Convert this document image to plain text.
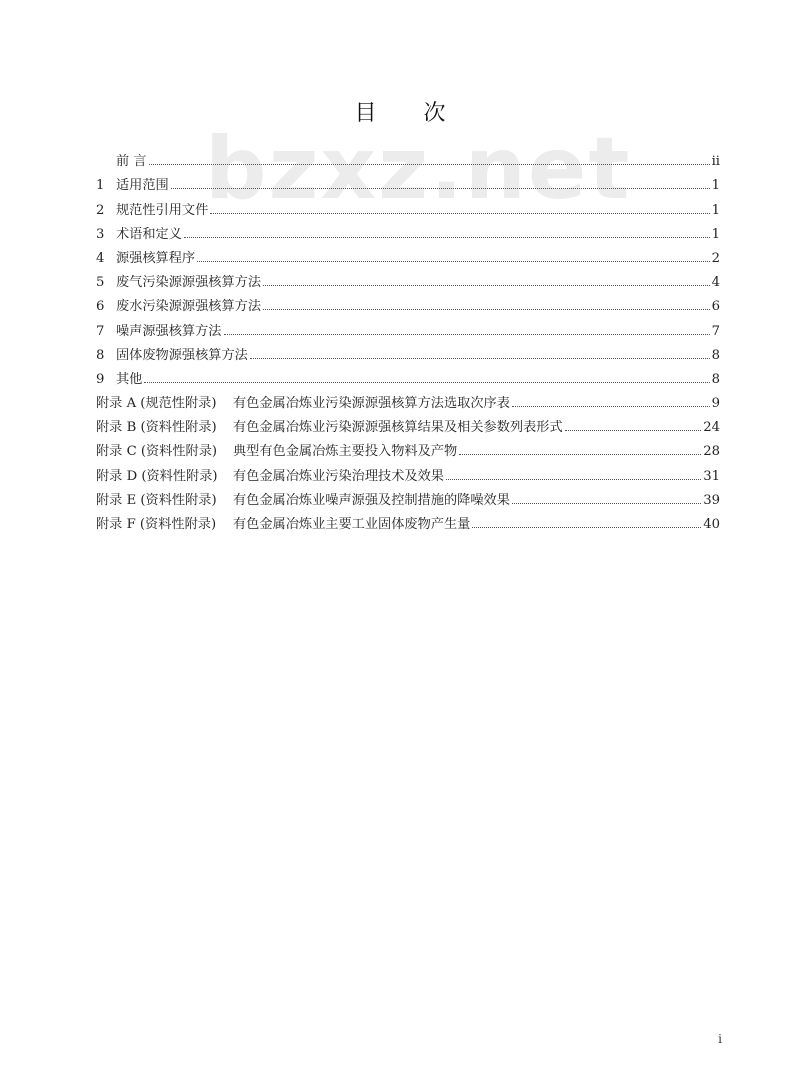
bzxz.net
目 次
前 言	ii
1 适用范围	1
2 规范性引用文件	1
3 术语和定义	1
4 源强核算程序	2
5 废气污染源源强核算方法	4
6 废水污染源源强核算方法	6
7 噪声源强核算方法	7
8 固体废物源强核算方法	8
9 其他	8
附录 A (规范性附录) 有色金属冶炼业污染源源强核算方法选取次序表	9
附录 B (资料性附录) 有色金属冶炼业污染源源强核算结果及相关参数列表形式	24
附录 C (资料性附录) 典型有色金属冶炼主要投入物料及产物	28
附录 D (资料性附录) 有色金属冶炼业污染治理技术及效果	31
附录 E (资料性附录) 有色金属冶炼业噪声源强及控制措施的降噪效果	39
附录 F (资料性附录) 有色金属冶炼业主要工业固体废物产生量	40
i
